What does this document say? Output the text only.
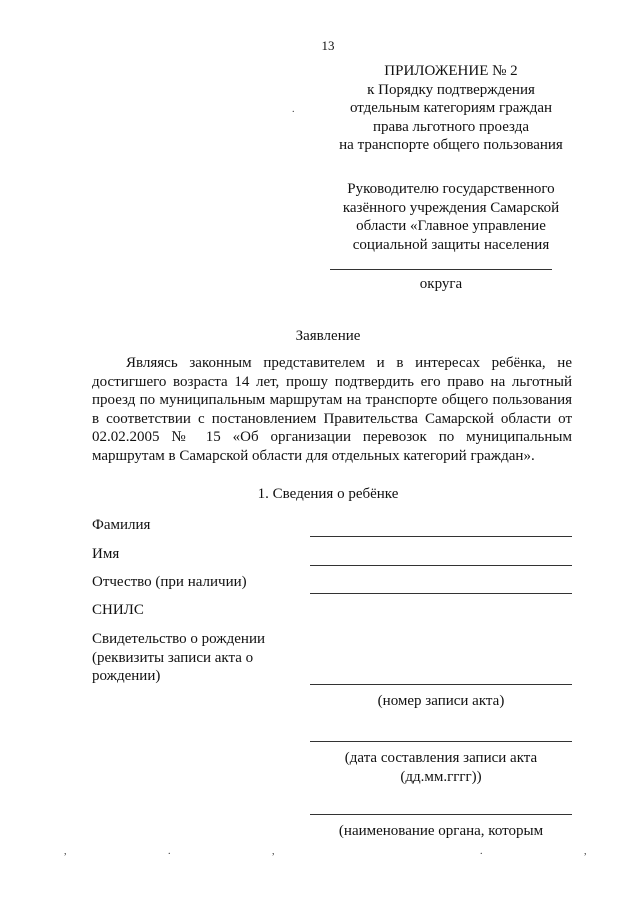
13
ПРИЛОЖЕНИЕ № 2
к Порядку подтверждения
отдельным категориям граждан
права льготного проезда
на транспорте общего пользования
Руководителю государственного
казённого учреждения Самарской
области «Главное управление
социальной защиты населения
округа
Заявление
Являясь законным представителем и в интересах ребёнка, не достигшего возраста 14 лет, прошу подтвердить его право на льготный проезд по муниципальным маршрутам на транспорте общего пользования в соответствии с постановлением Правительства Самарской области от 02.02.2005 № 15 «Об организации перевозок по муниципальным маршрутам в Самарской области для отдельных категорий граждан».
1. Сведения о ребёнке
Фамилия
Имя
Отчество (при наличии)
СНИЛС
Свидетельство о рождении
(реквизиты записи акта о
рождении)
(номер записи акта)
(дата составления записи акта
(дд.мм.гггг))
(наименование органа, которым
,	.	,	.	,
.
